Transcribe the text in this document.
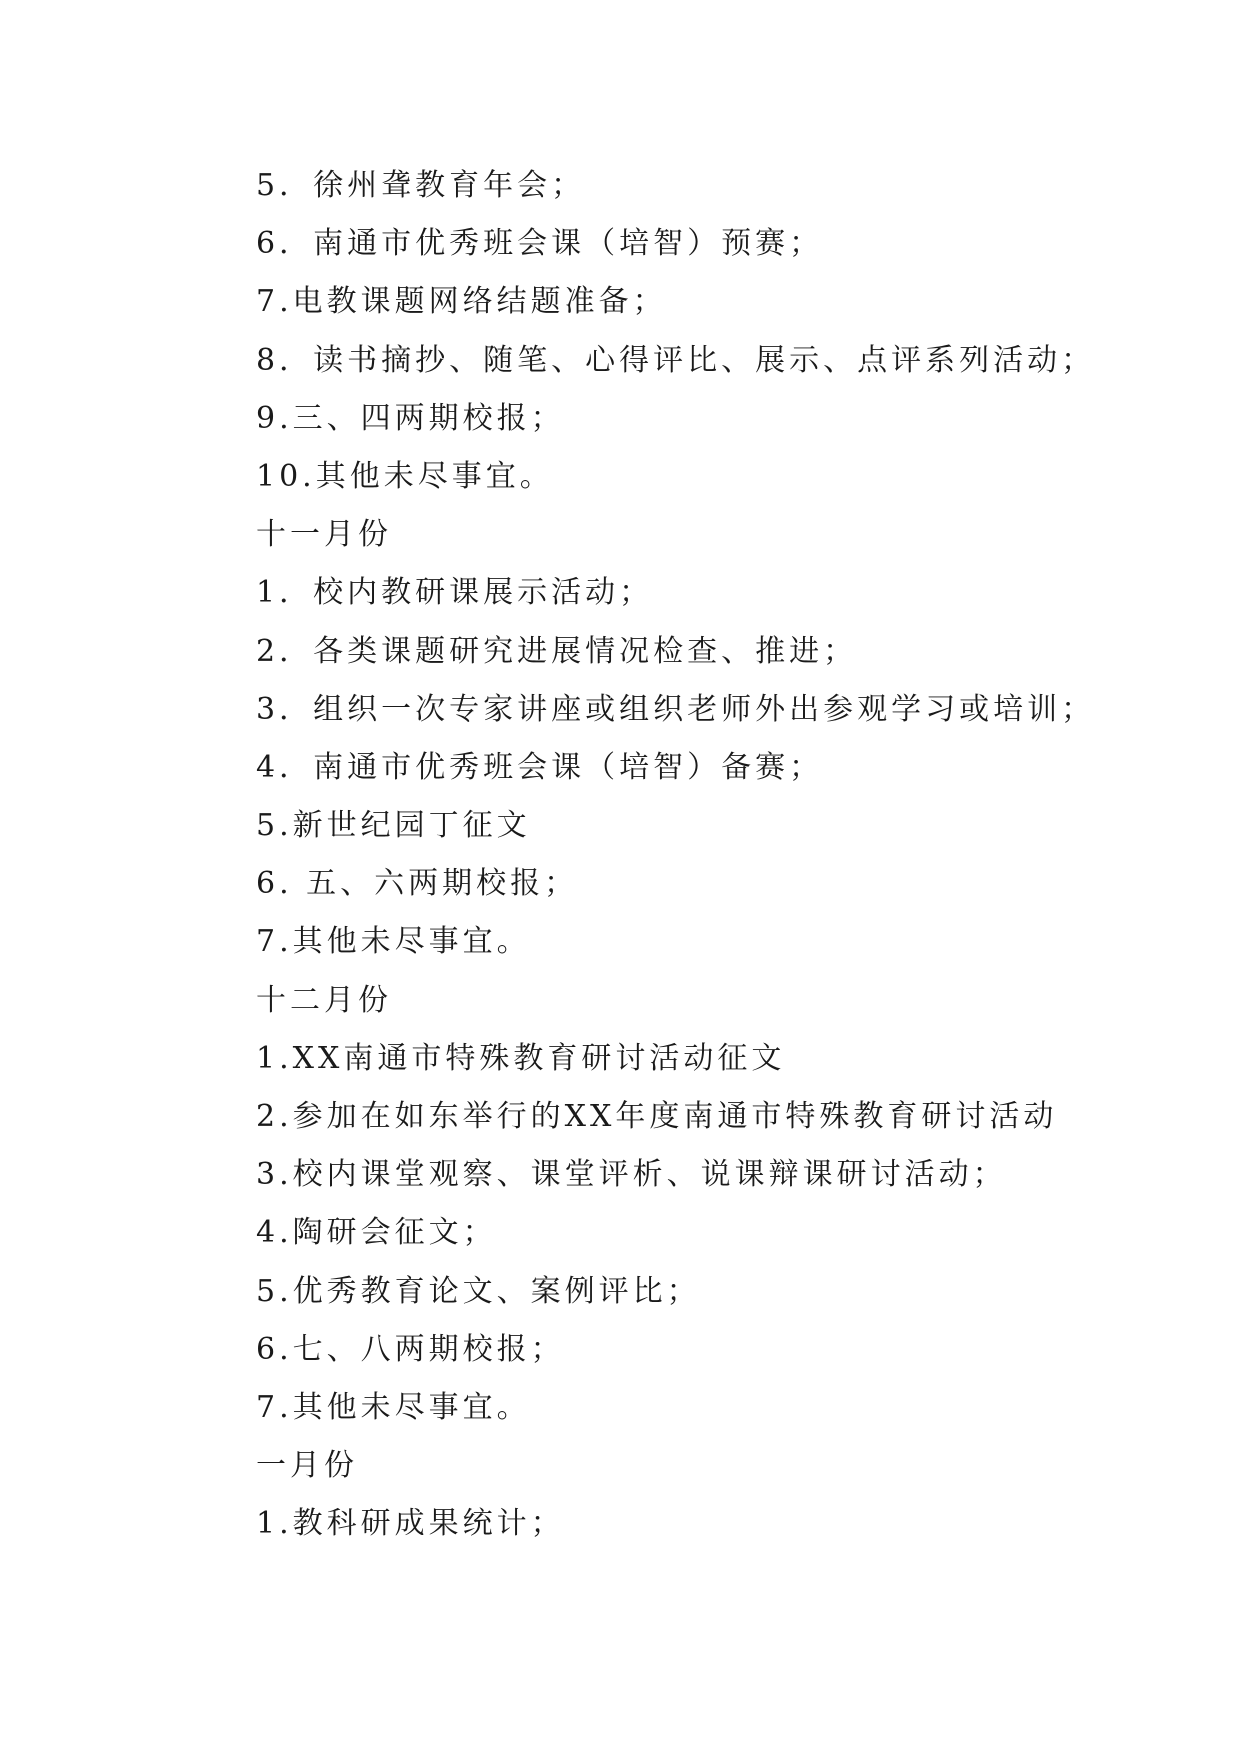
5．徐州聋教育年会；
6．南通市优秀班会课（培智）预赛；
7.电教课题网络结题准备；
8．读书摘抄、随笔、心得评比、展示、点评系列活动；
9.三、四两期校报；
10.其他未尽事宜。
十一月份
1．校内教研课展示活动；
2．各类课题研究进展情况检查、推进；
3．组织一次专家讲座或组织老师外出参观学习或培训；
4．南通市优秀班会课（培智）备赛；
5.新世纪园丁征文
6. 五、六两期校报；
7.其他未尽事宜。
十二月份
1.XX南通市特殊教育研讨活动征文
2.参加在如东举行的XX年度南通市特殊教育研讨活动
3.校内课堂观察、课堂评析、说课辩课研讨活动；
4.陶研会征文；
5.优秀教育论文、案例评比；
6.七、八两期校报；
7.其他未尽事宜。
一月份
1.教科研成果统计；
